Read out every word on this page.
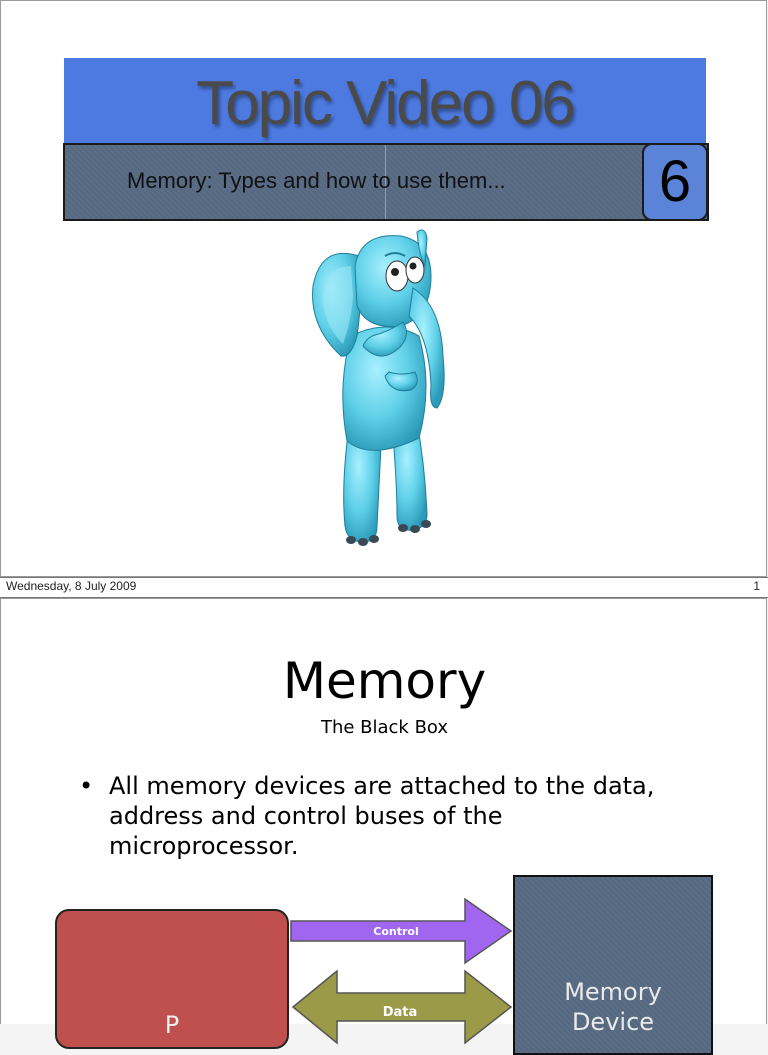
Topic Video 06
Memory: Types and how to use them...	6
Wednesday, 8 July 2009	1
Memory
The Black Box
• All memory devices are attached to the data, address and control buses of the microprocessor.
P
Memory
Device
Control
Data
